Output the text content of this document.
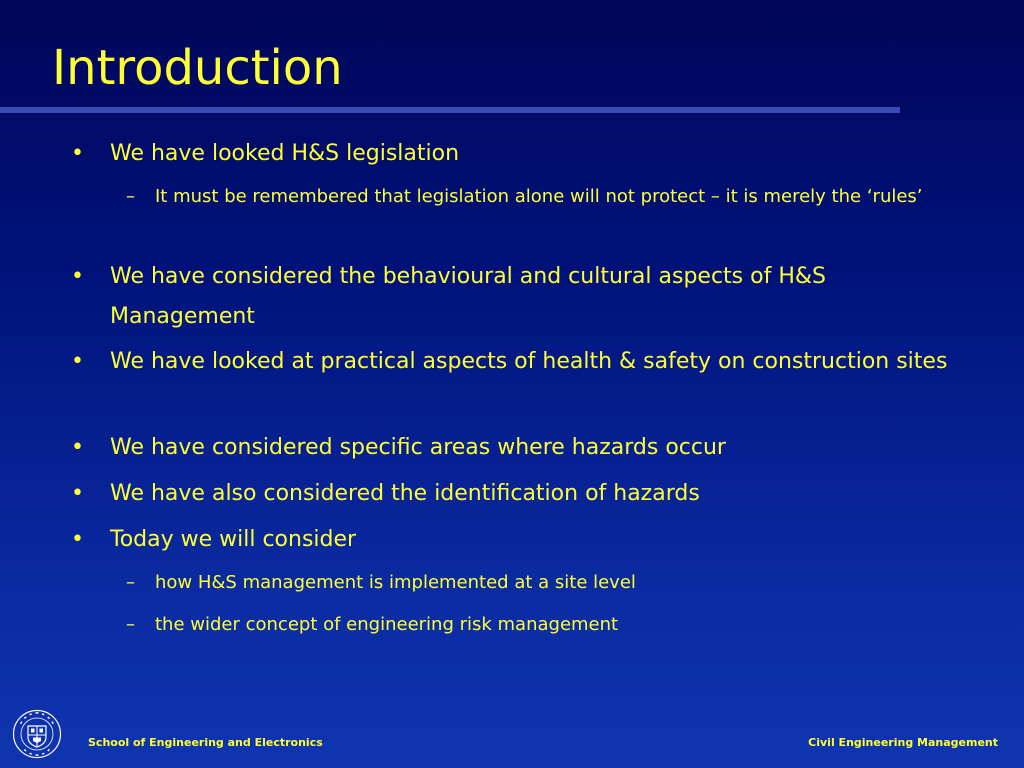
Introduction
•	We have looked H&S legislation
–	It must be remembered that legislation alone will not protect – it is merely the ‘rules’
•	We have considered the behavioural and cultural aspects of H&S Management
•	We have looked at practical aspects of health & safety on construction sites
•	We have considered specific areas where hazards occur
•	We have also considered the identification of hazards
•	Today we will consider
–	how H&S management is implemented at a site level
–	the wider concept of engineering risk management
School of Engineering and Electronics	Civil Engineering Management
